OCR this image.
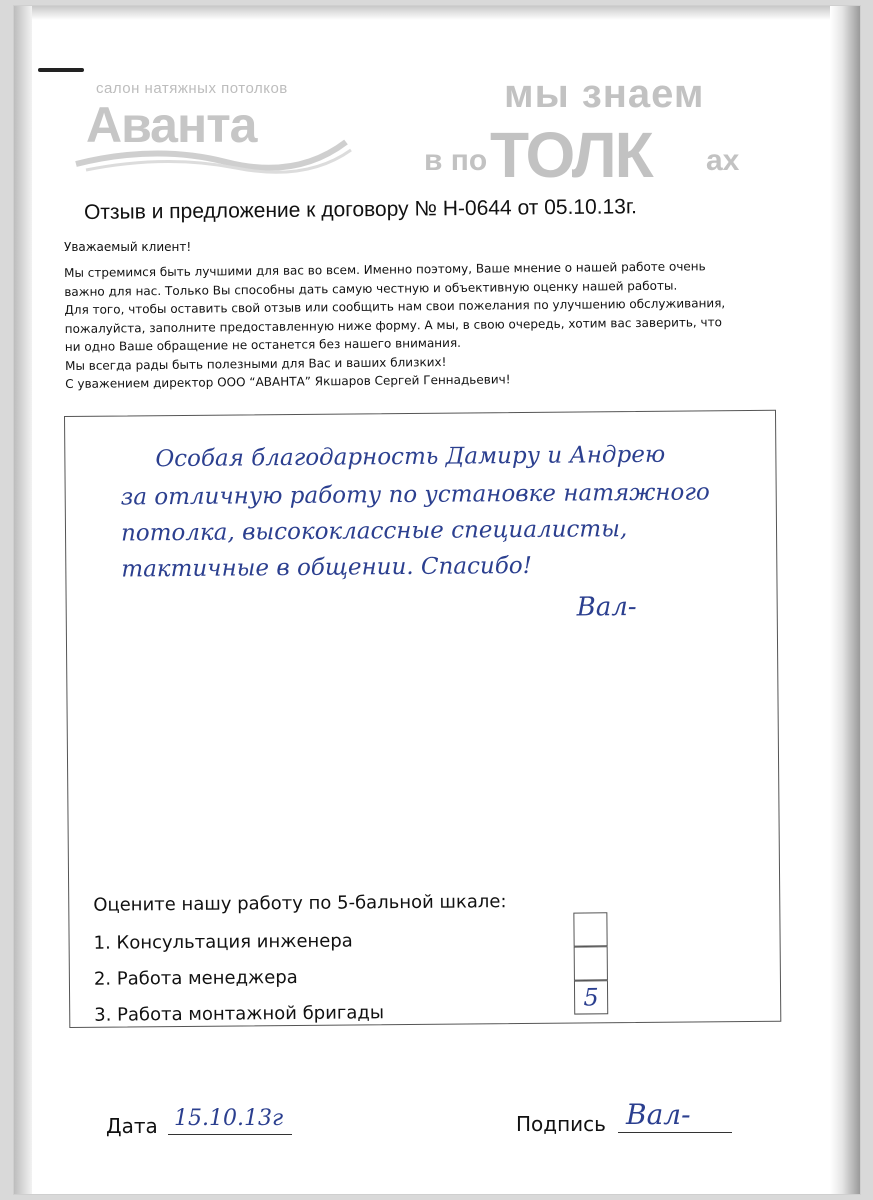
салон натяжных потолков
Аванта
мы знаем
в по ТОЛК ах
Отзыв и предложение к договору № Н-0644 от 05.10.13г.
Уважаемый клиент!
Мы стремимся быть лучшими для вас во всем. Именно поэтому, Ваше мнение о нашей работе очень
важно для нас. Только Вы способны дать самую честную и объективную оценку нашей работы.
Для того, чтобы оставить свой отзыв или сообщить нам свои пожелания по улучшению обслуживания,
пожалуйста, заполните предоставленную ниже форму. А мы, в свою очередь, хотим вас заверить, что
ни одно Ваше обращение не останется без нашего внимания.
Мы всегда рады быть полезными для Вас и ваших близких!
С уважением директор ООО “АВАНТА” Якшаров Сергей Геннадьевич!
Особая благодарность Дамиру и Андрею
за отличную работу по установке натяжного
потолка, высококлассные специалисты,
тактичные в общении. Спасибо!
Вал-
Оцените нашу работу по 5-бальной шкале:
1. Консультация инженера
2. Работа менеджера
3. Работа монтажной бригады
5
Дата 15.10.13г	Подпись Вал-
